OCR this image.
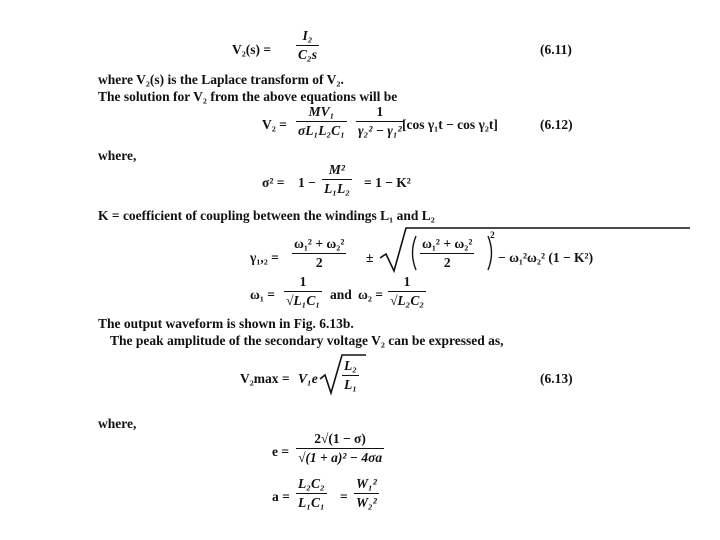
$V_2(s) = \frac{\text{I₂}}{\text{C₂s}}$	(6.11)
where V₂(s) is the Laplace transform of V₂.
The solution for V₂ from the above equations will be
$V_2 = \frac{\text{MV₁}}{\text{σL₁L₂C₁}} \frac{1}{\text{γ₂² − γ₁²}}$
[cos γ₁t − cos γ₂t]	(6.12)
where,
$\sigma^2 = 1 - \frac{\text{M²}}{\text{L₁L₂}} = 1 - K^2$
K = coefficient of coupling between the windings L₁ and L₂
$\gamma_1,_2 = \frac{\text{ω₁² + ω₂²}}{2}$ ±	$\frac{\text{ω₁² + ω₂²}}{2} 2$
− ω₁²ω₂² (1 − K²)
$\omega_1 = \frac{1}{\text{√L₁C₁}}$ and $\omega_2 = \frac{1}{\text{√L₂C₂}}$
The output waveform is shown in Fig. 6.13b.
The peak amplitude of the secondary voltage V₂ can be expressed as,
$V_2\max = V_1e \frac{\text{L₂}}{\text{L₁}}$	(6.13)
where,
$e = \frac{2√(1 - \sigma)}{\text{√(1 + a)² − 4σa}}$
$a = \frac{\text{L₂C₂}}{\text{L₁C₁}} = \frac{\text{W₁²}}{\text{W₂²}}$
